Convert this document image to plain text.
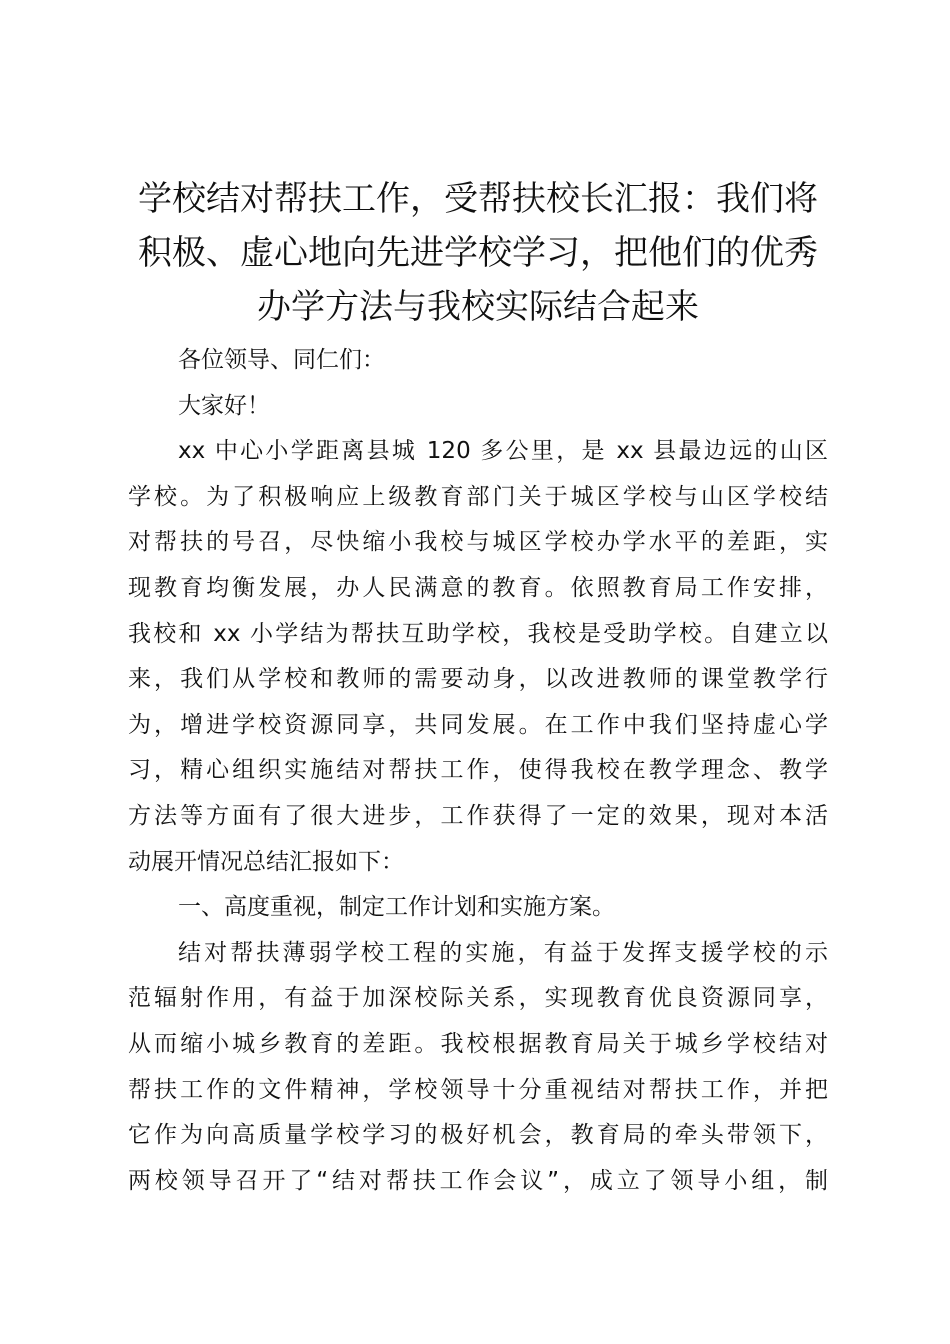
学校结对帮扶工作，受帮扶校长汇报：我们将
积极、虚心地向先进学校学习，把他们的优秀
办学方法与我校实际结合起来

各位领导、同仁们：

大家好！

xx 中心小学距离县城 120 多公里，是 xx 县最边远的山区
学校。为了积极响应上级教育部门关于城区学校与山区学校结
对帮扶的号召，尽快缩小我校与城区学校办学水平的差距，实
现教育均衡发展，办人民满意的教育。依照教育局工作安排，
我校和 xx 小学结为帮扶互助学校，我校是受助学校。自建立以
来，我们从学校和教师的需要动身，以改进教师的课堂教学行
为，增进学校资源同享，共同发展。在工作中我们坚持虚心学
习，精心组织实施结对帮扶工作，使得我校在教学理念、教学
方法等方面有了很大进步，工作获得了一定的效果，现对本活
动展开情况总结汇报如下：

一、高度重视，制定工作计划和实施方案。

结对帮扶薄弱学校工程的实施，有益于发挥支援学校的示
范辐射作用，有益于加深校际关系，实现教育优良资源同享，
从而缩小城乡教育的差距。我校根据教育局关于城乡学校结对
帮扶工作的文件精神，学校领导十分重视结对帮扶工作，并把
它作为向高质量学校学习的极好机会，教育局的牵头带领下，
两校领导召开了“结对帮扶工作会议”，成立了领导小组，制
